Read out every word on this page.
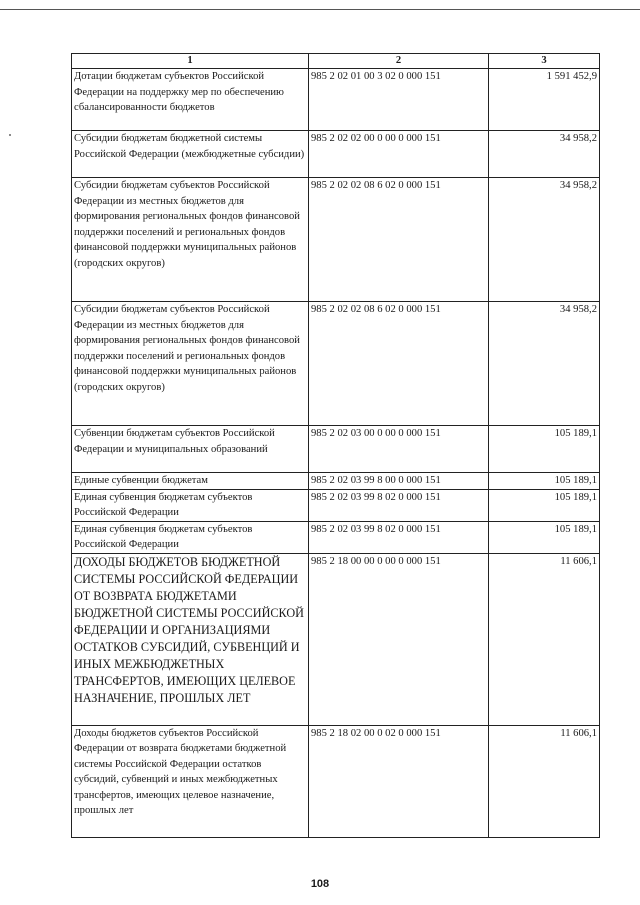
1	2	3
Дотации бюджетам субъектов Российской Федерации на поддержку мер по обеспечению сбалансированности бюджетов	985 2 02 01 00 3 02 0 000 151	1 591 452,9
Субсидии бюджетам бюджетной системы Российской Федерации (межбюджетные субсидии)	985 2 02 02 00 0 00 0 000 151	34 958,2
Субсидии бюджетам субъектов Российской Федерации из местных бюджетов для формирования региональных фондов финансовой поддержки поселений и региональных фондов финансовой поддержки муниципальных районов (городских округов)	985 2 02 02 08 6 02 0 000 151	34 958,2
Субсидии бюджетам субъектов Российской Федерации из местных бюджетов для формирования региональных фондов финансовой поддержки поселений и региональных фондов финансовой поддержки муниципальных районов (городских округов)	985 2 02 02 08 6 02 0 000 151	34 958,2
Субвенции бюджетам субъектов Российской Федерации и муниципальных образований	985 2 02 03 00 0 00 0 000 151	105 189,1
Единые субвенции бюджетам	985 2 02 03 99 8 00 0 000 151	105 189,1
Единая субвенция бюджетам субъектов Российской Федерации	985 2 02 03 99 8 02 0 000 151	105 189,1
Единая субвенция бюджетам субъектов Российской Федерации	985 2 02 03 99 8 02 0 000 151	105 189,1
ДОХОДЫ БЮДЖЕТОВ БЮДЖЕТНОЙ СИСТЕМЫ РОССИЙСКОЙ ФЕДЕРАЦИИ ОТ ВОЗВРАТА БЮДЖЕТАМИ БЮДЖЕТНОЙ СИСТЕМЫ РОССИЙСКОЙ ФЕДЕРАЦИИ И ОРГАНИЗАЦИЯМИ ОСТАТКОВ СУБСИДИЙ, СУБВЕНЦИЙ И ИНЫХ МЕЖБЮДЖЕТНЫХ ТРАНСФЕРТОВ, ИМЕЮЩИХ ЦЕЛЕВОЕ НАЗНАЧЕНИЕ, ПРОШЛЫХ ЛЕТ	985 2 18 00 00 0 00 0 000 151	11 606,1
Доходы бюджетов субъектов Российской Федерации от возврата бюджетами бюджетной системы Российской Федерации остатков субсидий, субвенций и иных межбюджетных трансфертов, имеющих целевое назначение, прошлых лет	985 2 18 02 00 0 02 0 000 151	11 606,1
108
